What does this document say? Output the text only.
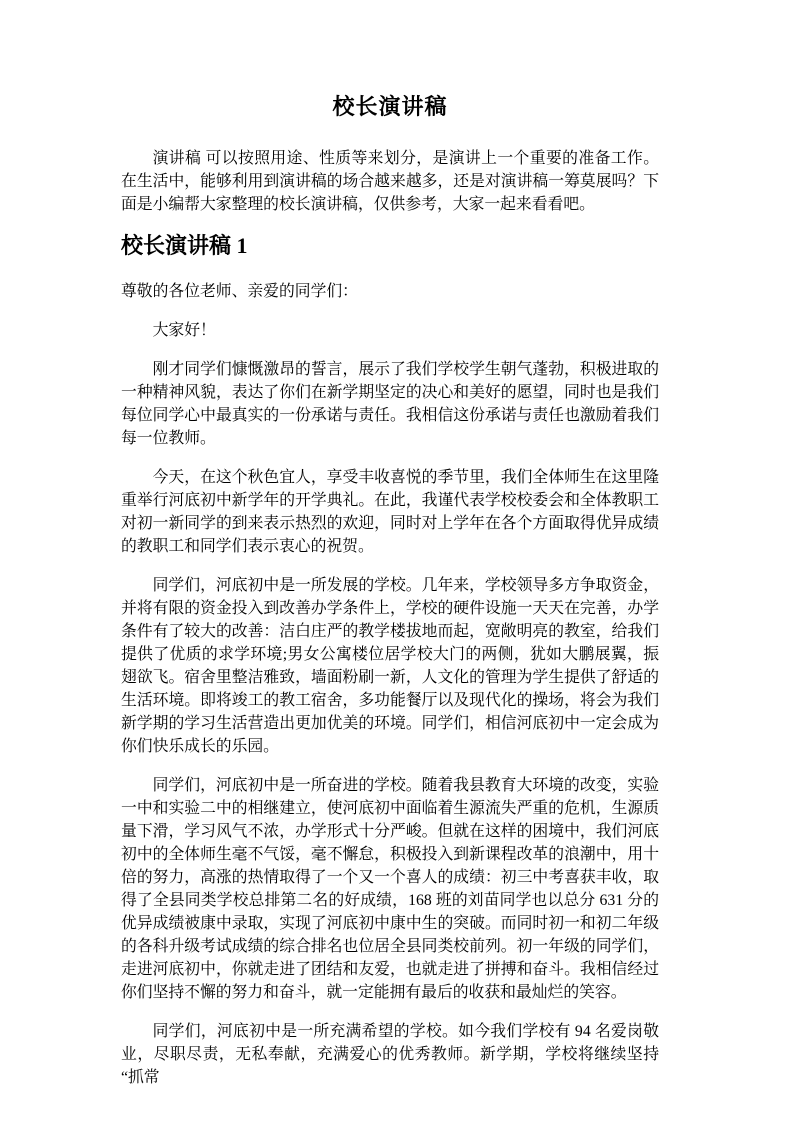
校长演讲稿

演讲稿 可以按照用途、性质等来划分，是演讲上一个重要的准备工作。在生活中，能够利用到演讲稿的场合越来越多，还是对演讲稿一筹莫展吗？下面是小编帮大家整理的校长演讲稿，仅供参考，大家一起来看看吧。

校长演讲稿 1

尊敬的各位老师、亲爱的同学们：

大家好！

刚才同学们慷慨激昂的誓言，展示了我们学校学生朝气蓬勃，积极进取的一种精神风貌，表达了你们在新学期坚定的决心和美好的愿望，同时也是我们每位同学心中最真实的一份承诺与责任。我相信这份承诺与责任也激励着我们每一位教师。

今天，在这个秋色宜人，享受丰收喜悦的季节里，我们全体师生在这里隆重举行河底初中新学年的开学典礼。在此，我谨代表学校校委会和全体教职工对初一新同学的到来表示热烈的欢迎，同时对上学年在各个方面取得优异成绩的教职工和同学们表示衷心的祝贺。

同学们，河底初中是一所发展的学校。几年来，学校领导多方争取资金，并将有限的资金投入到改善办学条件上，学校的硬件设施一天天在完善，办学条件有了较大的改善：洁白庄严的教学楼拔地而起，宽敞明亮的教室，给我们提供了优质的求学环境;男女公寓楼位居学校大门的两侧，犹如大鹏展翼，振翅欲飞。宿舍里整洁雅致，墙面粉刷一新，人文化的管理为学生提供了舒适的生活环境。即将竣工的教工宿舍，多功能餐厅以及现代化的操场，将会为我们新学期的学习生活营造出更加优美的环境。同学们，相信河底初中一定会成为你们快乐成长的乐园。

同学们，河底初中是一所奋进的学校。随着我县教育大环境的改变，实验一中和实验二中的相继建立，使河底初中面临着生源流失严重的危机，生源质量下滑，学习风气不浓，办学形式十分严峻。但就在这样的困境中，我们河底初中的全体师生毫不气馁，毫不懈怠，积极投入到新课程改革的浪潮中，用十倍的努力，高涨的热情取得了一个又一个喜人的成绩：初三中考喜获丰收，取得了全县同类学校总排第二名的好成绩，168 班的刘苗同学也以总分 631 分的优异成绩被康中录取，实现了河底初中康中生的突破。而同时初一和初二年级的各科升级考试成绩的综合排名也位居全县同类校前列。初一年级的同学们，走进河底初中，你就走进了团结和友爱，也就走进了拼搏和奋斗。我相信经过你们坚持不懈的努力和奋斗，就一定能拥有最后的收获和最灿烂的笑容。

同学们，河底初中是一所充满希望的学校。如今我们学校有 94 名爱岗敬业，尽职尽责，无私奉献，充满爱心的优秀教师。新学期，学校将继续坚持“抓常
